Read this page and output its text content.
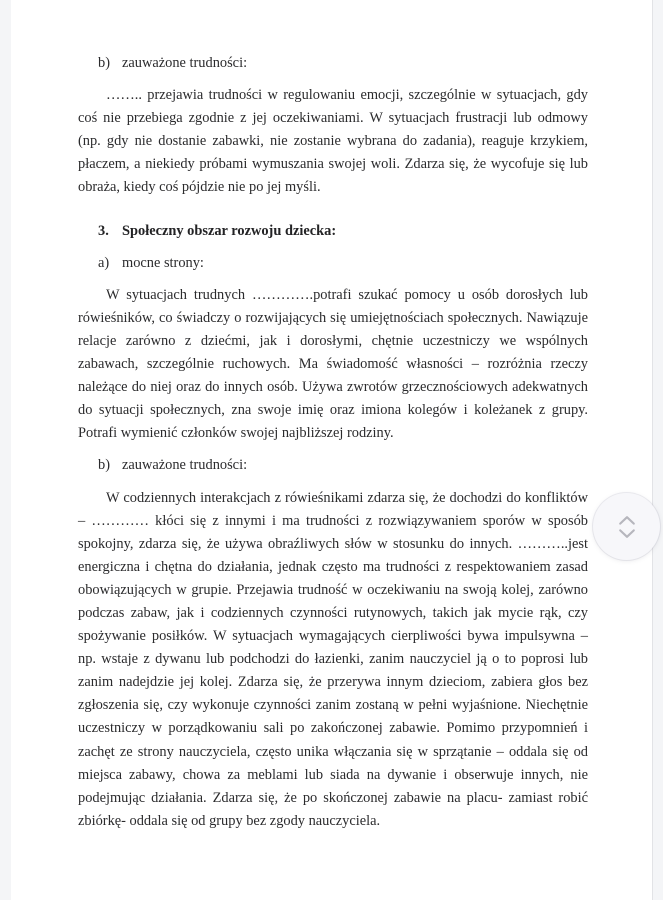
b) zauważone trudności:

…….. przejawia trudności w regulowaniu emocji, szczególnie w sytuacjach, gdy coś nie przebiega zgodnie z jej oczekiwaniami. W sytuacjach frustracji lub odmowy (np. gdy nie dostanie zabawki, nie zostanie wybrana do zadania), reaguje krzykiem, płaczem, a niekiedy próbami wymuszania swojej woli. Zdarza się, że wycofuje się lub obraża, kiedy coś pójdzie nie po jej myśli.

3. Społeczny obszar rozwoju dziecka:
a) mocne strony:

W sytuacjach trudnych ………….potrafi szukać pomocy u osób dorosłych lub rówieśników, co świadczy o rozwijających się umiejętnościach społecznych. Nawiązuje relacje zarówno z dziećmi, jak i dorosłymi, chętnie uczestniczy we wspólnych zabawach, szczególnie ruchowych. Ma świadomość własności – rozróżnia rzeczy należące do niej oraz do innych osób. Używa zwrotów grzecznościowych adekwatnych do sytuacji społecznych, zna swoje imię oraz imiona kolegów i koleżanek z grupy. Potrafi wymienić członków swojej najbliższej rodziny.

b) zauważone trudności:

W codziennych interakcjach z rówieśnikami zdarza się, że dochodzi do konfliktów – ………… kłóci się z innymi i ma trudności z rozwiązywaniem sporów w sposób spokojny, zdarza się, że używa obraźliwych słów w stosunku do innych. ………..jest energiczna i chętna do działania, jednak często ma trudności z respektowaniem zasad obowiązujących w grupie. Przejawia trudność w oczekiwaniu na swoją kolej, zarówno podczas zabaw, jak i codziennych czynności rutynowych, takich jak mycie rąk, czy spożywanie posiłków. W sytuacjach wymagających cierpliwości bywa impulsywna – np. wstaje z dywanu lub podchodzi do łazienki, zanim nauczyciel ją o to poprosi lub zanim nadejdzie jej kolej. Zdarza się, że przerywa innym dzieciom, zabiera głos bez zgłoszenia się, czy wykonuje czynności zanim zostaną w pełni wyjaśnione. Niechętnie uczestniczy w porządkowaniu sali po zakończonej zabawie. Pomimo przypomnień i zachęt ze strony nauczyciela, często unika włączania się w sprzątanie – oddala się od miejsca zabawy, chowa za meblami lub siada na dywanie i obserwuje innych, nie podejmując działania. Zdarza się, że po skończonej zabawie na placu- zamiast robić zbiórkę- oddala się od grupy bez zgody nauczyciela.
